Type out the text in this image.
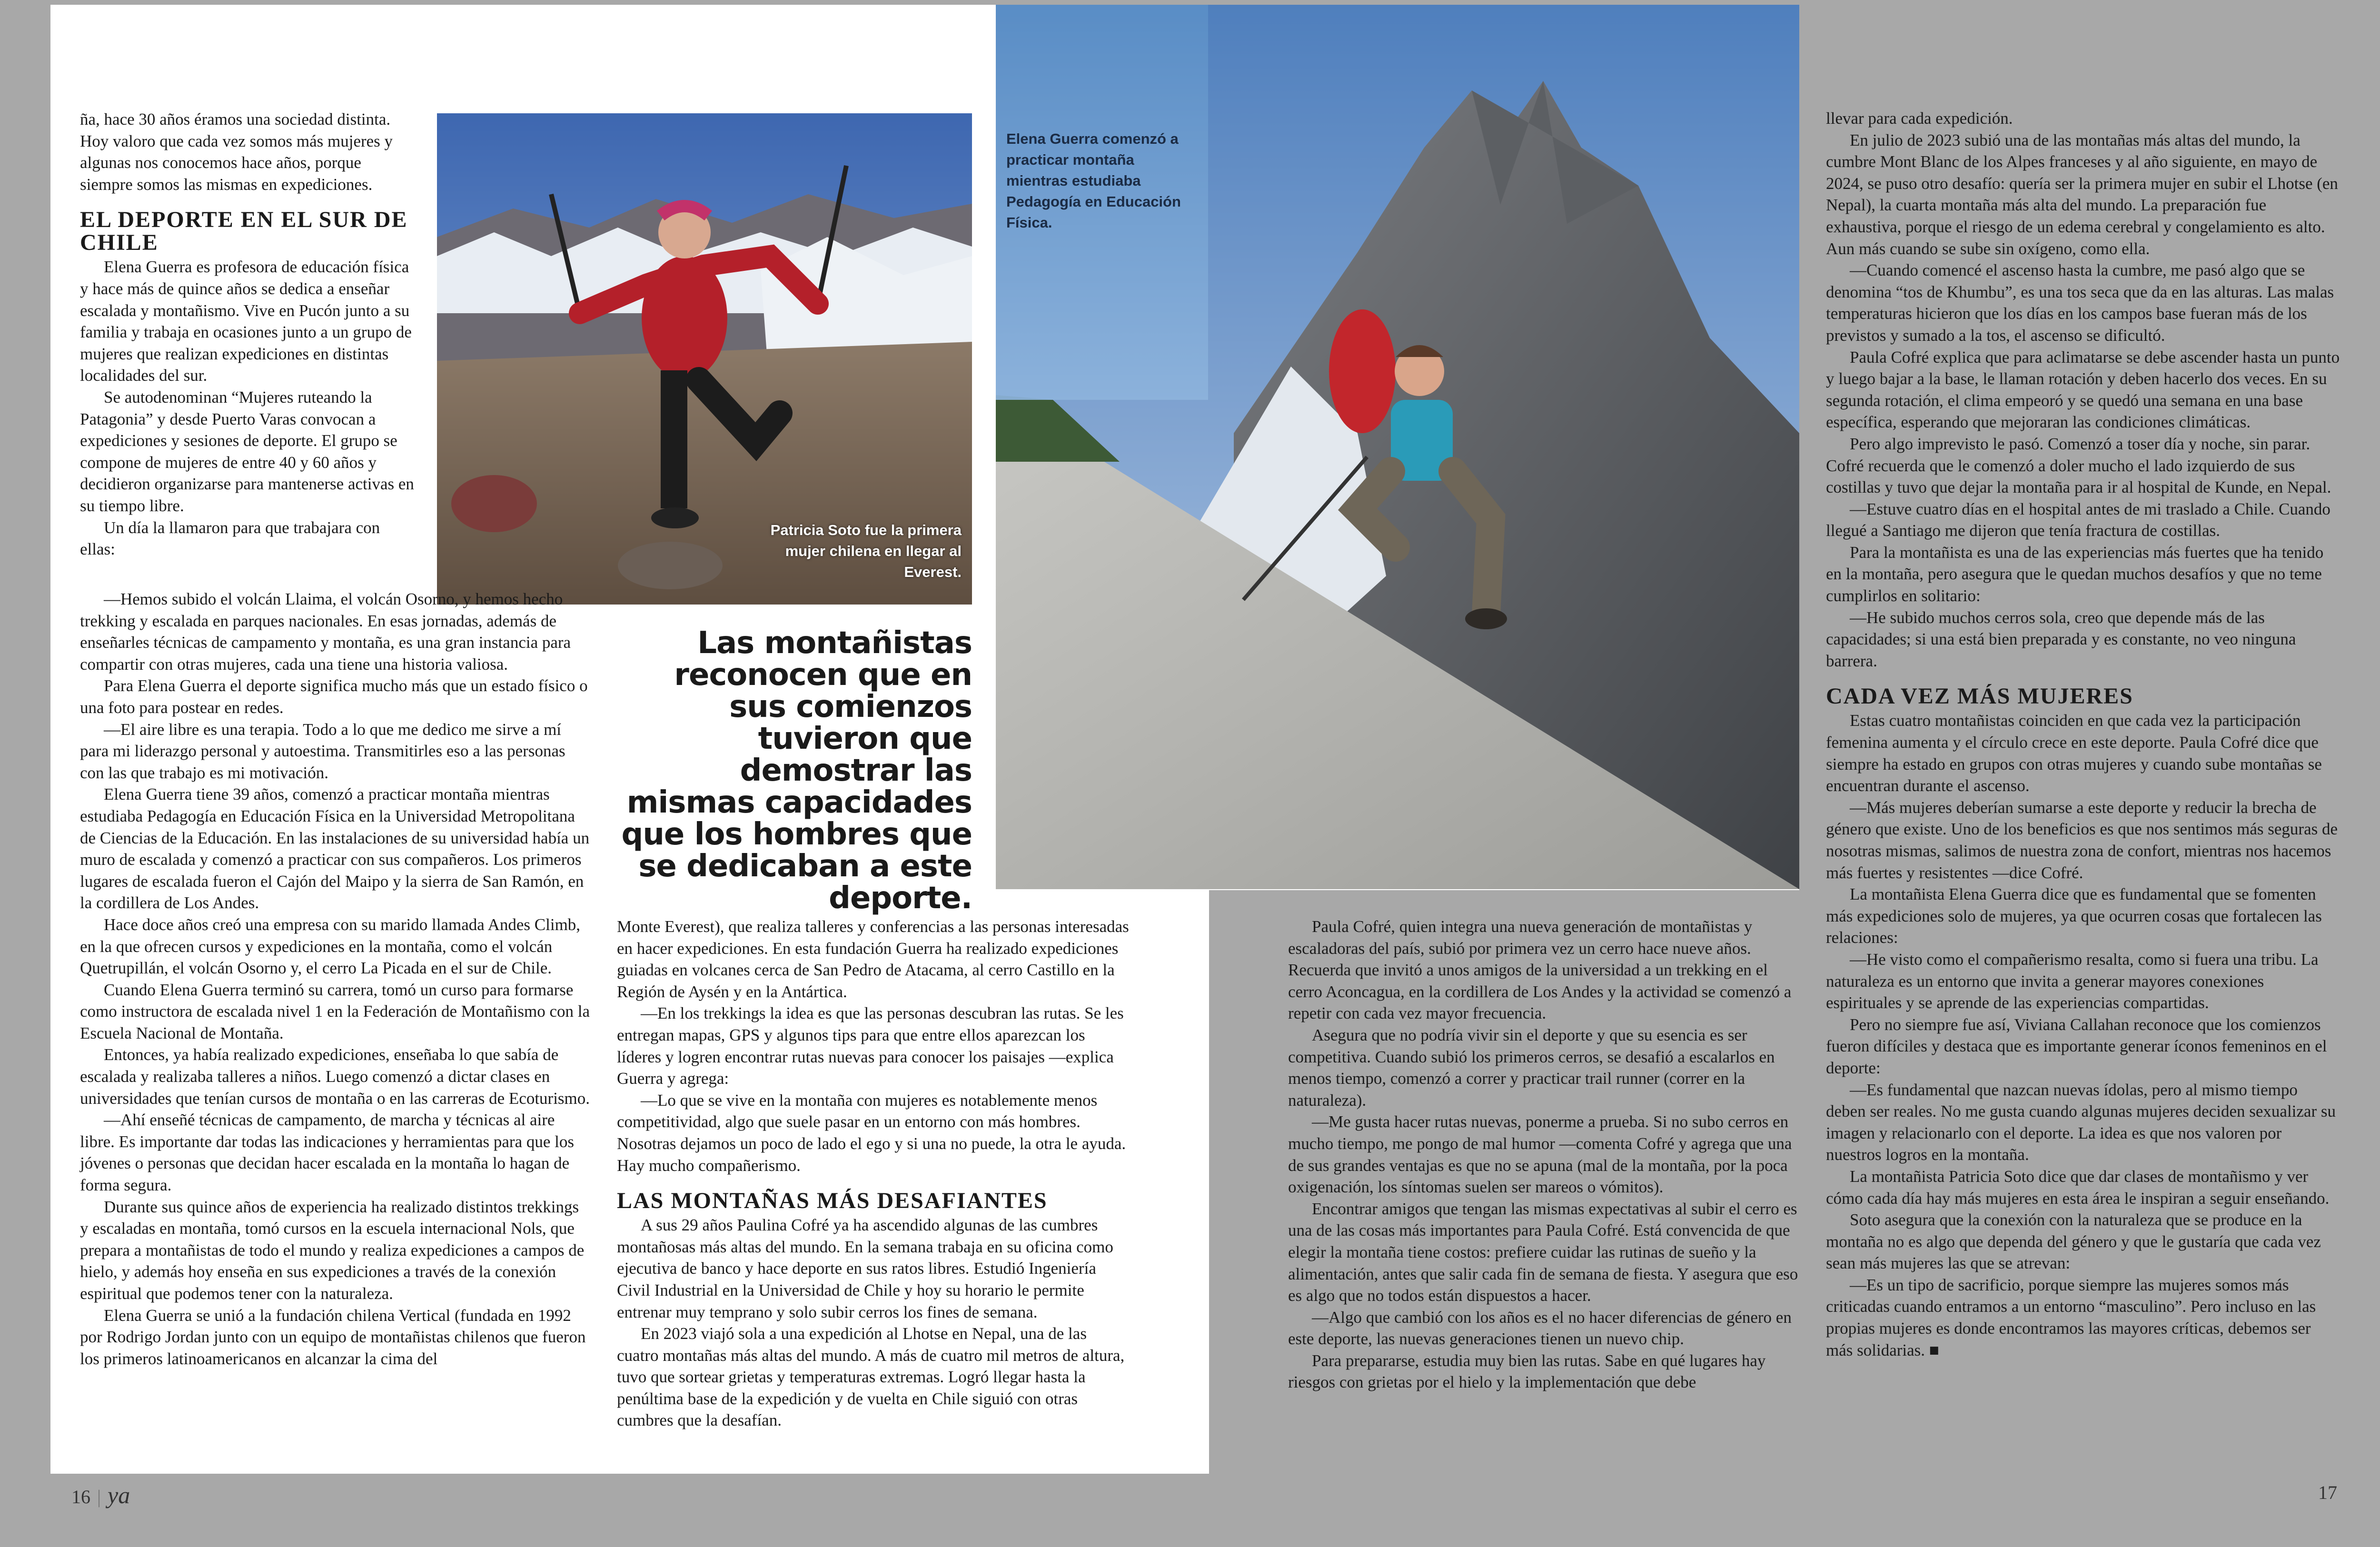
Patricia Soto fue la primera mujer chilena en llegar al Everest.
Elena Guerra comenzó a practicar montaña mientras estudiaba Pedagogía en Educación Física.

ña, hace 30 años éramos una sociedad distinta. Hoy valoro que cada vez somos más mujeres y algunas nos conocemos hace años, porque siempre somos las mismas en expediciones.

EL DEPORTE EN EL SUR DE CHILE

Elena Guerra es profesora de educación física y hace más de quince años se dedica a enseñar escalada y montañismo. Vive en Pucón junto a su familia y trabaja en ocasiones junto a un grupo de mujeres que realizan expediciones en distintas localidades del sur.

Se autodenominan “Mujeres ruteando la Patagonia” y desde Puerto Varas convocan a expediciones y sesiones de deporte. El grupo se compone de mujeres de entre 40 y 60 años y decidieron organizarse para mantenerse activas en su tiempo libre.

Un día la llamaron para que trabajara con ellas:

—Hemos subido el volcán Llaima, el volcán Osorno, y hemos hecho trekking y escalada en parques nacionales. En esas jornadas, además de enseñarles técnicas de campamento y montaña, es una gran instancia para compartir con otras mujeres, cada una tiene una historia valiosa.

Para Elena Guerra el deporte significa mucho más que un estado físico o una foto para postear en redes.

—El aire libre es una terapia. Todo a lo que me dedico me sirve a mí para mi liderazgo personal y autoestima. Transmitirles eso a las personas con las que trabajo es mi motivación.

Elena Guerra tiene 39 años, comenzó a practicar montaña mientras estudiaba Pedagogía en Educación Física en la Universidad Metropolitana de Ciencias de la Educación. En las instalaciones de su universidad había un muro de escalada y comenzó a practicar con sus compañeros. Los primeros lugares de escalada fueron el Cajón del Maipo y la sierra de San Ramón, en la cordillera de Los Andes.

Hace doce años creó una empresa con su marido llamada Andes Climb, en la que ofrecen cursos y expediciones en la montaña, como el volcán Quetrupillán, el volcán Osorno y, el cerro La Picada en el sur de Chile.

Cuando Elena Guerra terminó su carrera, tomó un curso para formarse como instructora de escalada nivel 1 en la Federación de Montañismo con la Escuela Nacional de Montaña.

Entonces, ya había realizado expediciones, enseñaba lo que sabía de escalada y realizaba talleres a niños. Luego comenzó a dictar clases en universidades que tenían cursos de montaña o en las carreras de Ecoturismo.

—Ahí enseñé técnicas de campamento, de marcha y técnicas al aire libre. Es importante dar todas las indicaciones y herramientas para que los jóvenes o personas que decidan hacer escalada en la montaña lo hagan de forma segura.

Durante sus quince años de experiencia ha realizado distintos trekkings y escaladas en montaña, tomó cursos en la escuela internacional Nols, que prepara a montañistas de todo el mundo y realiza expediciones a campos de hielo, y además hoy enseña en sus expediciones a través de la conexión espiritual que podemos tener con la naturaleza.

Elena Guerra se unió a la fundación chilena Vertical (fundada en 1992 por Rodrigo Jordan junto con un equipo de montañistas chilenos que fueron los primeros latinoamericanos en alcanzar la cima del

Las montañistas reconocen que en sus comienzos tuvieron que demostrar las mismas capacidades que los hombres que se dedicaban a este deporte.

Monte Everest), que realiza talleres y conferencias a las personas interesadas en hacer expediciones. En esta fundación Guerra ha realizado expediciones guiadas en volcanes cerca de San Pedro de Atacama, al cerro Castillo en la Región de Aysén y en la Antártica.

—En los trekkings la idea es que las personas descubran las rutas. Se les entregan mapas, GPS y algunos tips para que entre ellos aparezcan los líderes y logren encontrar rutas nuevas para conocer los paisajes —explica Guerra y agrega:

—Lo que se vive en la montaña con mujeres es notablemente menos competitividad, algo que suele pasar en un entorno con más hombres. Nosotras dejamos un poco de lado el ego y si una no puede, la otra le ayuda. Hay mucho compañerismo.

LAS MONTAÑAS MÁS DESAFIANTES

A sus 29 años Paulina Cofré ya ha ascendido algunas de las cumbres montañosas más altas del mundo. En la semana trabaja en su oficina como ejecutiva de banco y hace deporte en sus ratos libres. Estudió Ingeniería Civil Industrial en la Universidad de Chile y hoy su horario le permite entrenar muy temprano y solo subir cerros los fines de semana.

En 2023 viajó sola a una expedición al Lhotse en Nepal, una de las cuatro montañas más altas del mundo. A más de cuatro mil metros de altura, tuvo que sortear grietas y temperaturas extremas. Logró llegar hasta la penúltima base de la expedición y de vuelta en Chile siguió con otras cumbres que la desafían.

Paula Cofré, quien integra una nueva generación de montañistas y escaladoras del país, subió por primera vez un cerro hace nueve años. Recuerda que invitó a unos amigos de la universidad a un trekking en el cerro Aconcagua, en la cordillera de Los Andes y la actividad se comenzó a repetir con cada vez mayor frecuencia.

Asegura que no podría vivir sin el deporte y que su esencia es ser competitiva. Cuando subió los primeros cerros, se desafió a escalarlos en menos tiempo, comenzó a correr y practicar trail runner (correr en la naturaleza).

—Me gusta hacer rutas nuevas, ponerme a prueba. Si no subo cerros en mucho tiempo, me pongo de mal humor —comenta Cofré y agrega que una de sus grandes ventajas es que no se apuna (mal de la montaña, por la poca oxigenación, los síntomas suelen ser mareos o vómitos).

Encontrar amigos que tengan las mismas expectativas al subir el cerro es una de las cosas más importantes para Paula Cofré. Está convencida de que elegir la montaña tiene costos: prefiere cuidar las rutinas de sueño y la alimentación, antes que salir cada fin de semana de fiesta. Y asegura que eso es algo que no todos están dispuestos a hacer.

—Algo que cambió con los años es el no hacer diferencias de género en este deporte, las nuevas generaciones tienen un nuevo chip.

Para prepararse, estudia muy bien las rutas. Sabe en qué lugares hay riesgos con grietas por el hielo y la implementación que debe

llevar para cada expedición.

En julio de 2023 subió una de las montañas más altas del mundo, la cumbre Mont Blanc de los Alpes franceses y al año siguiente, en mayo de 2024, se puso otro desafío: quería ser la primera mujer en subir el Lhotse (en Nepal), la cuarta montaña más alta del mundo. La preparación fue exhaustiva, porque el riesgo de un edema cerebral y congelamiento es alto. Aun más cuando se sube sin oxígeno, como ella.

—Cuando comencé el ascenso hasta la cumbre, me pasó algo que se denomina “tos de Khumbu”, es una tos seca que da en las alturas. Las malas temperaturas hicieron que los días en los campos base fueran más de los previstos y sumado a la tos, el ascenso se dificultó.

Paula Cofré explica que para aclimatarse se debe ascender hasta un punto y luego bajar a la base, le llaman rotación y deben hacerlo dos veces. En su segunda rotación, el clima empeoró y se quedó una semana en una base específica, esperando que mejoraran las condiciones climáticas.

Pero algo imprevisto le pasó. Comenzó a toser día y noche, sin parar. Cofré recuerda que le comenzó a doler mucho el lado izquierdo de sus costillas y tuvo que dejar la montaña para ir al hospital de Kunde, en Nepal.

—Estuve cuatro días en el hospital antes de mi traslado a Chile. Cuando llegué a Santiago me dijeron que tenía fractura de costillas.

Para la montañista es una de las experiencias más fuertes que ha tenido en la montaña, pero asegura que le quedan muchos desafíos y que no teme cumplirlos en solitario:

—He subido muchos cerros sola, creo que depende más de las capacidades; si una está bien preparada y es constante, no veo ninguna barrera.

CADA VEZ MÁS MUJERES

Estas cuatro montañistas coinciden en que cada vez la participación femenina aumenta y el círculo crece en este deporte. Paula Cofré dice que siempre ha estado en grupos con otras mujeres y cuando sube montañas se encuentran durante el ascenso.

—Más mujeres deberían sumarse a este deporte y reducir la brecha de género que existe. Uno de los beneficios es que nos sentimos más seguras de nosotras mismas, salimos de nuestra zona de confort, mientras nos hacemos más fuertes y resistentes —dice Cofré.

La montañista Elena Guerra dice que es fundamental que se fomenten más expediciones solo de mujeres, ya que ocurren cosas que fortalecen las relaciones:

—He visto como el compañerismo resalta, como si fuera una tribu. La naturaleza es un entorno que invita a generar mayores conexiones espirituales y se aprende de las experiencias compartidas.

Pero no siempre fue así, Viviana Callahan reconoce que los comienzos fueron difíciles y destaca que es importante generar íconos femeninos en el deporte:

—Es fundamental que nazcan nuevas ídolas, pero al mismo tiempo deben ser reales. No me gusta cuando algunas mujeres deciden sexualizar su imagen y relacionarlo con el deporte. La idea es que nos valoren por nuestros logros en la montaña.

La montañista Patricia Soto dice que dar clases de montañismo y ver cómo cada día hay más mujeres en esta área le inspiran a seguir enseñando.

Soto asegura que la conexión con la naturaleza que se produce en la montaña no es algo que dependa del género y que le gustaría que cada vez sean más mujeres las que se atrevan:

—Es un tipo de sacrificio, porque siempre las mujeres somos más criticadas cuando entramos a un entorno “masculino”. Pero incluso en las propias mujeres es donde encontramos las mayores críticas, debemos ser más solidarias. ■

16 | ya	17
